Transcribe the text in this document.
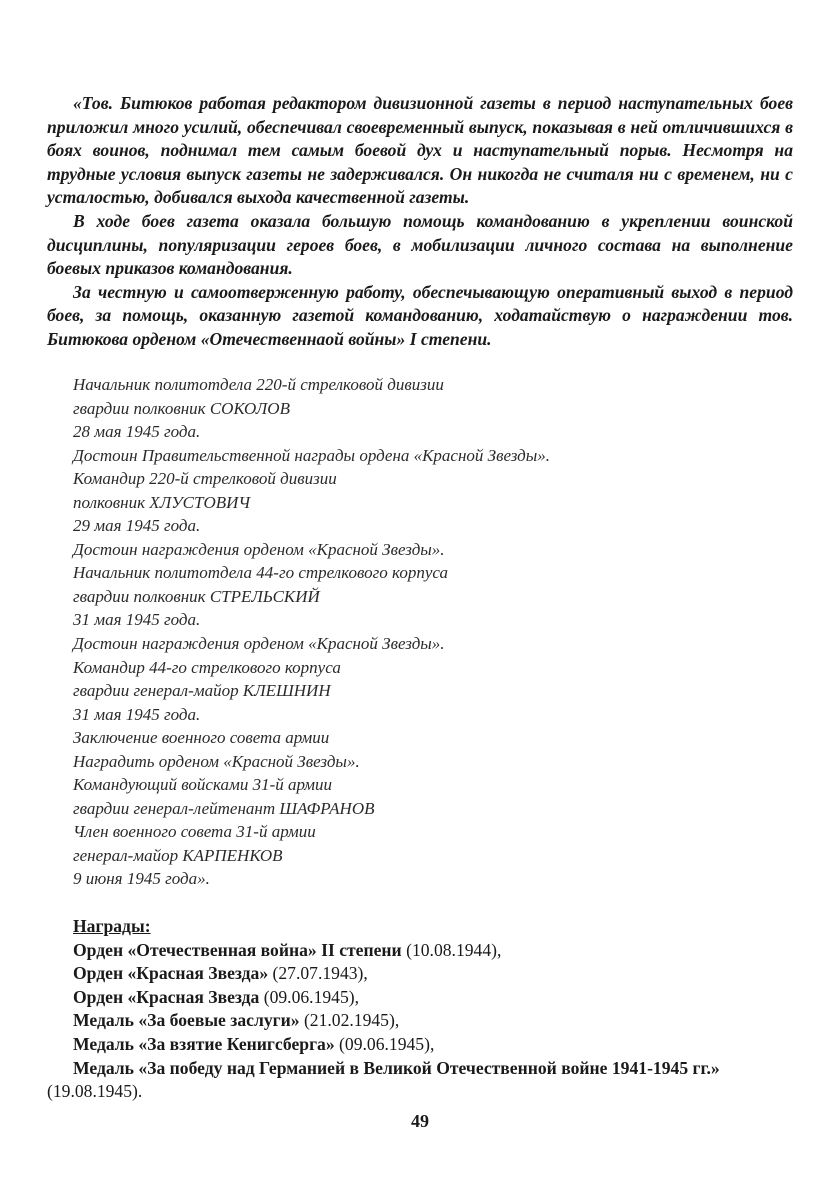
«Тов. Битюков работая редактором дивизионной газеты в период наступательных боев приложил много усилий, обеспечивал своевременный выпуск, показывая в ней отличившихся в боях воинов, поднимал тем самым боевой дух и наступательный порыв. Несмотря на трудные условия выпуск газеты не задерживался. Он никогда не считаля ни с временем, ни с усталостью, добивался выхода качественной газеты.

В ходе боев газета оказала большую помощь командованию в укреплении воинской дисциплины, популяризации героев боев, в мобилизации личного состава на выполнение боевых приказов командования.

За честную и самоотверженную работу, обеспечывающую оперативный выход в период боев, за помощь, оказанную газетой командованию, ходатайствую о награждении тов. Битюкова орденом «Отечественнаой войны» I степени.

Начальник политотдела 220-й стрелковой дивизии

гвардии полковник СОКОЛОВ

28 мая 1945 года.

Достоин Правительственной награды ордена «Красной Звезды».

Командир 220-й стрелковой дивизии

полковник ХЛУСТОВИЧ

29 мая 1945 года.

Достоин награждения орденом «Красной Звезды».

Начальник политотдела 44-го стрелкового корпуса

гвардии полковник СТРЕЛЬСКИЙ

31 мая 1945 года.

Достоин награждения орденом «Красной Звезды».

Командир 44-го стрелкового корпуса

гвардии генерал-майор КЛЕШНИН

31 мая 1945 года.

Заключение военного совета армии

Наградить орденом «Красной Звезды».

Командующий войсками 31-й армии

гвардии генерал-лейтенант ШАФРАНОВ

Член военного совета 31-й армии

генерал-майор КАРПЕНКОВ

9 июня 1945 года».

Награды:

Орден «Отечественная война» II степени (10.08.1944),

Орден «Красная Звезда» (27.07.1943),

Орден «Красная Звезда (09.06.1945),

Медаль «За боевые заслуги» (21.02.1945),

Медаль «За взятие Кенигсберга» (09.06.1945),

Медаль «За победу над Германией в Великой Отечественной войне 1941-1945 гг.» (19.08.1945).

49
